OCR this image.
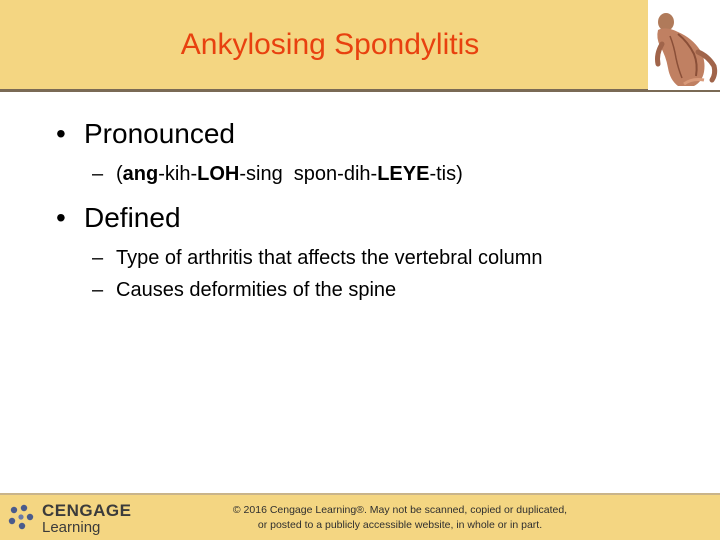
Ankylosing Spondylitis
• Pronounced
– (ang-kih-LOH-sing  spon-dih-LEYE-tis)
• Defined
– Type of arthritis that affects the vertebral column
– Causes deformities of the spine
CENGAGE
Learning
© 2016 Cengage Learning®. May not be scanned, copied or duplicated,
or posted to a publicly accessible website, in whole or in part.
